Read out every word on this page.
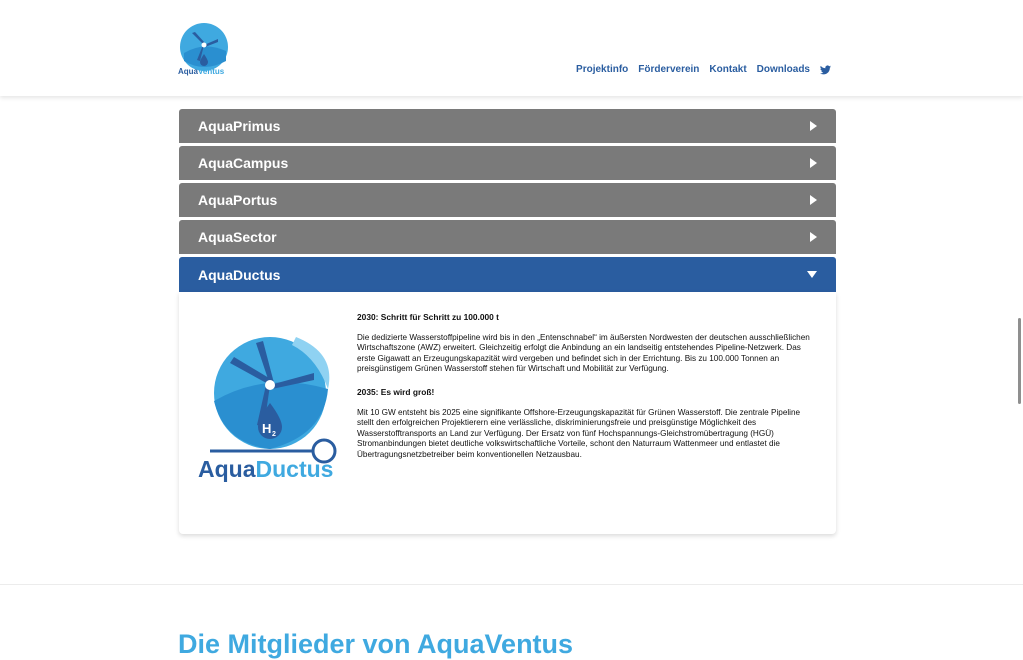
AquaVentus	Projektinfo Förderverein Kontakt Downloads
AquaPrimus
AquaCampus
AquaPortus
AquaSector
AquaDuctus
H 2
AquaDuctus
2030: Schritt für Schritt zu 100.000 t

Die dedizierte Wasserstoffpipeline wird bis in den „Entenschnabel“ im äußersten Nordwesten der deutschen ausschließlichen Wirtschaftszone (AWZ) erweitert. Gleichzeitig erfolgt die Anbindung an ein landseitig entstehendes Pipeline-Netzwerk. Das erste Gigawatt an Erzeugungskapazität wird vergeben und befindet sich in der Errichtung. Bis zu 100.000 Tonnen an preisgünstigem Grünen Wasserstoff stehen für Wirtschaft und Mobilität zur Verfügung.

2035: Es wird groß!

Mit 10 GW entsteht bis 2025 eine signifikante Offshore-Erzeugungskapazität für Grünen Wasserstoff. Die zentrale Pipeline stellt den erfolgreichen Projektierern eine verlässliche, diskriminierungsfreie und preisgünstige Möglichkeit des Wasserstofftransports an Land zur Verfügung. Der Ersatz von fünf Hochspannungs-Gleichstromübertragung (HGÜ) Stromanbindungen bietet deutliche volkswirtschaftliche Vorteile, schont den Naturraum Wattenmeer und entlastet die Übertragungsnetzbetreiber beim konventionellen Netzausbau.

Die Mitglieder von AquaVentus
